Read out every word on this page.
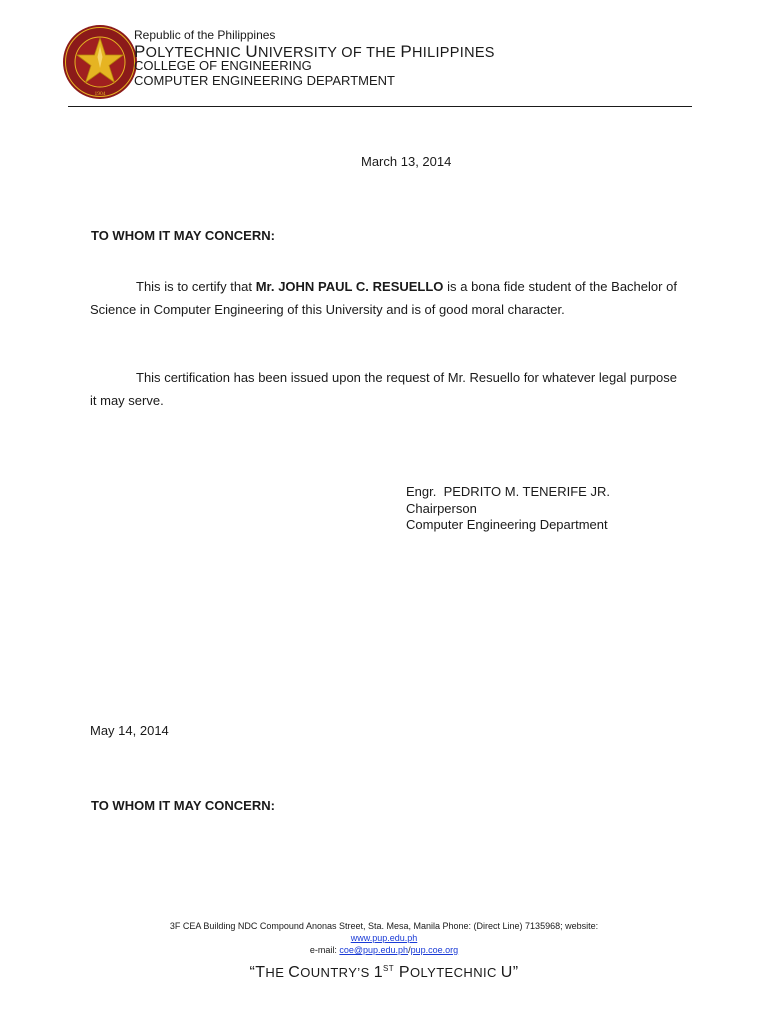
1904
Republic of the Philippines
POLYTECHNIC UNIVERSITY OF THE PHILIPPINES
COLLEGE OF ENGINEERING
COMPUTER ENGINEERING DEPARTMENT
March 13, 2014
TO WHOM IT MAY CONCERN:
This is to certify that Mr. JOHN PAUL C. RESUELLO is a bona fide student of the Bachelor of Science in Computer Engineering of this University and is of good moral character.
This certification has been issued upon the request of Mr. Resuello for whatever legal purpose it may serve.
Engr.  PEDRITO M. TENERIFE JR.
Chairperson
Computer Engineering Department
May 14, 2014
TO WHOM IT MAY CONCERN:
3F CEA Building NDC Compound Anonas Street, Sta. Mesa, Manila Phone: (Direct Line) 7135968; website:
www.pup.edu.ph
e-mail: coe@pup.edu.ph/pup.coe.org
“THE COUNTRY’S 1ST POLYTECHNIC U”
